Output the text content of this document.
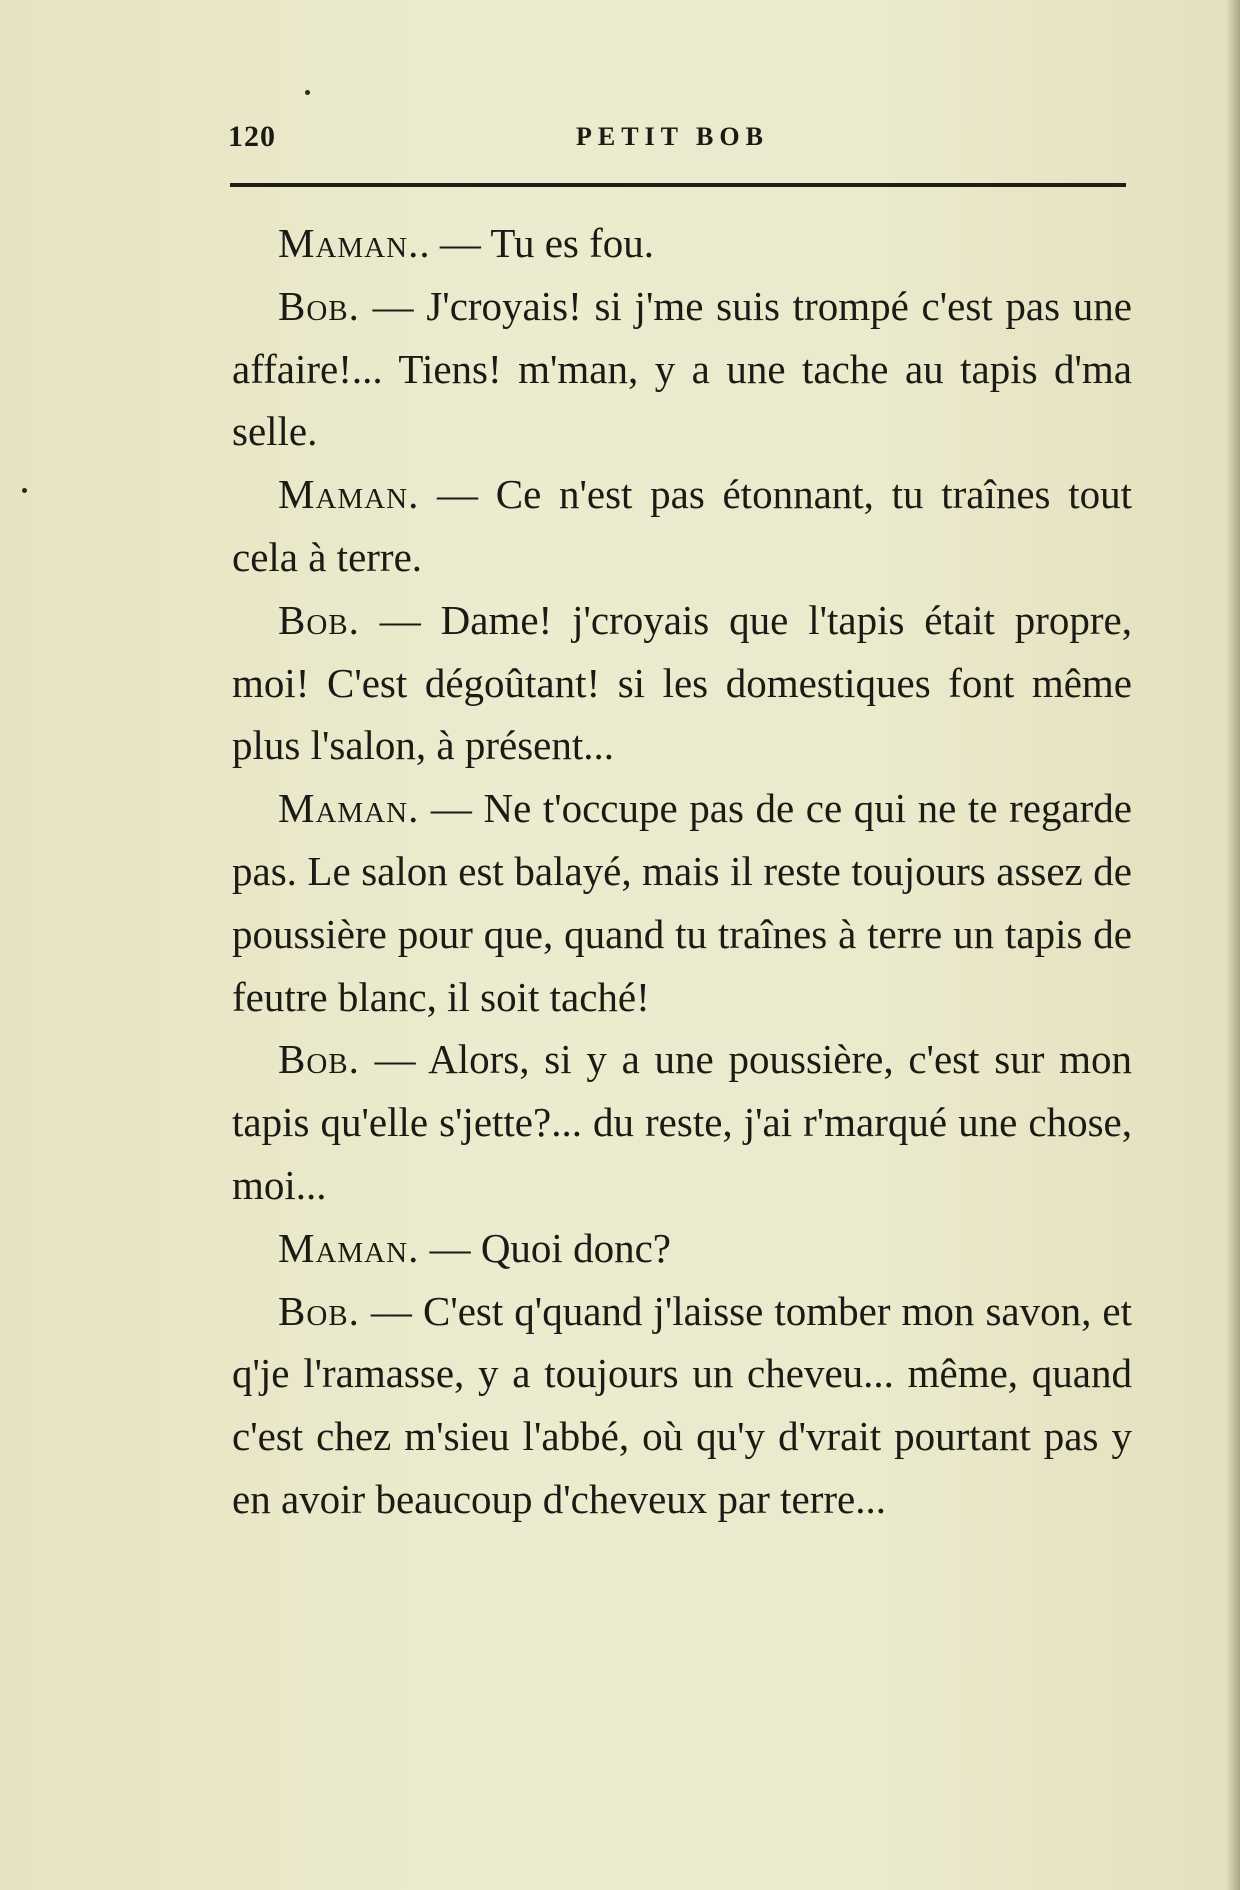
120	PETIT BOB

Maman.. — Tu es fou.

Bob. — J'croyais! si j'me suis trompé c'est pas une affaire!... Tiens! m'man, y a une tache au tapis d'ma selle.

Maman. — Ce n'est pas étonnant, tu traînes tout cela à terre.

Bob. — Dame! j'croyais que l'tapis était propre, moi! C'est dégoûtant! si les domestiques font même plus l'salon, à présent...

Maman. — Ne t'occupe pas de ce qui ne te regarde pas. Le salon est balayé, mais il reste toujours assez de poussière pour que, quand tu traînes à terre un tapis de feutre blanc, il soit taché!

Bob. — Alors, si y a une poussière, c'est sur mon tapis qu'elle s'jette?... du reste, j'ai r'marqué une chose, moi...

Maman. — Quoi donc?

Bob. — C'est q'quand j'laisse tomber mon savon, et q'je l'ramasse, y a toujours un cheveu... même, quand c'est chez m'sieu l'abbé, où qu'y d'vrait pourtant pas y en avoir beaucoup d'cheveux par terre...
